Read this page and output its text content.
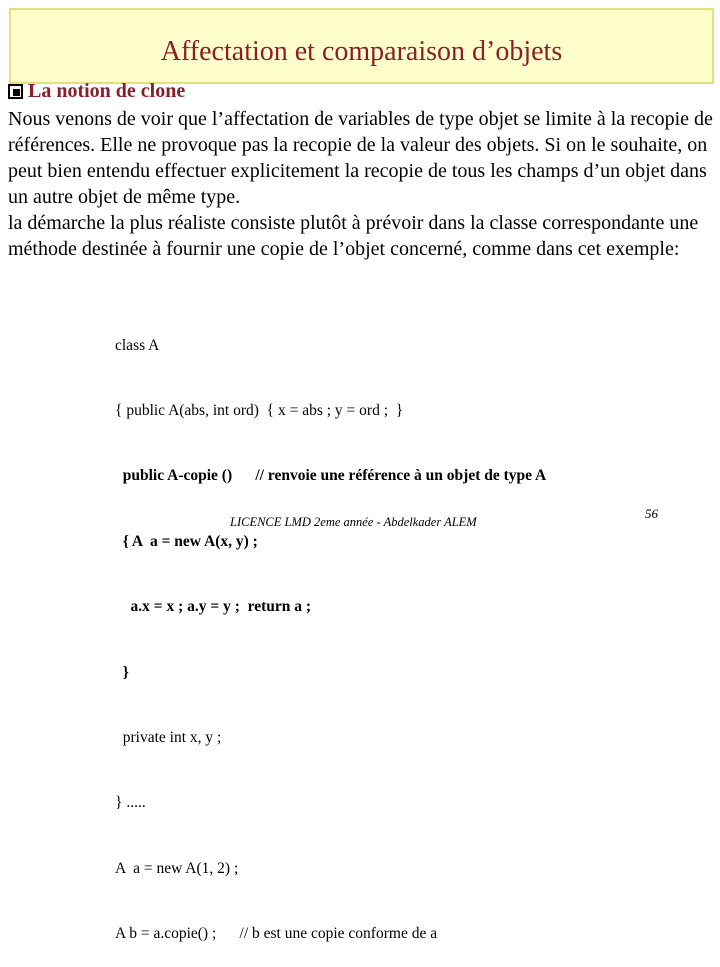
Affectation et comparaison d’objets
La notion de clone
Nous venons de voir que l’affectation de variables de type objet se limite à la recopie de références. Elle ne provoque pas la recopie de la valeur des objets. Si on le souhaite, on peut bien entendu effectuer explicitement la recopie de tous les champs d’un objet dans un autre objet de même type.
la démarche la plus réaliste consiste plutôt à prévoir dans la classe correspondante une méthode destinée à fournir une copie de l’objet concerné, comme dans cet exemple:

class A

{ public A(abs, int ord)  { x = abs ; y = ord ;  }

public A-copie ()      // renvoie une référence à un objet de type A

{ A  a = new A(x, y) ;

a.x = x ; a.y = y ;  return a ;

}

private int x, y ;

} .....

A  a = new A(1, 2) ;

A b = a.copie() ;      // b est une copie conforme de a

LICENCE LMD 2eme année - Abdelkader ALEM
56
